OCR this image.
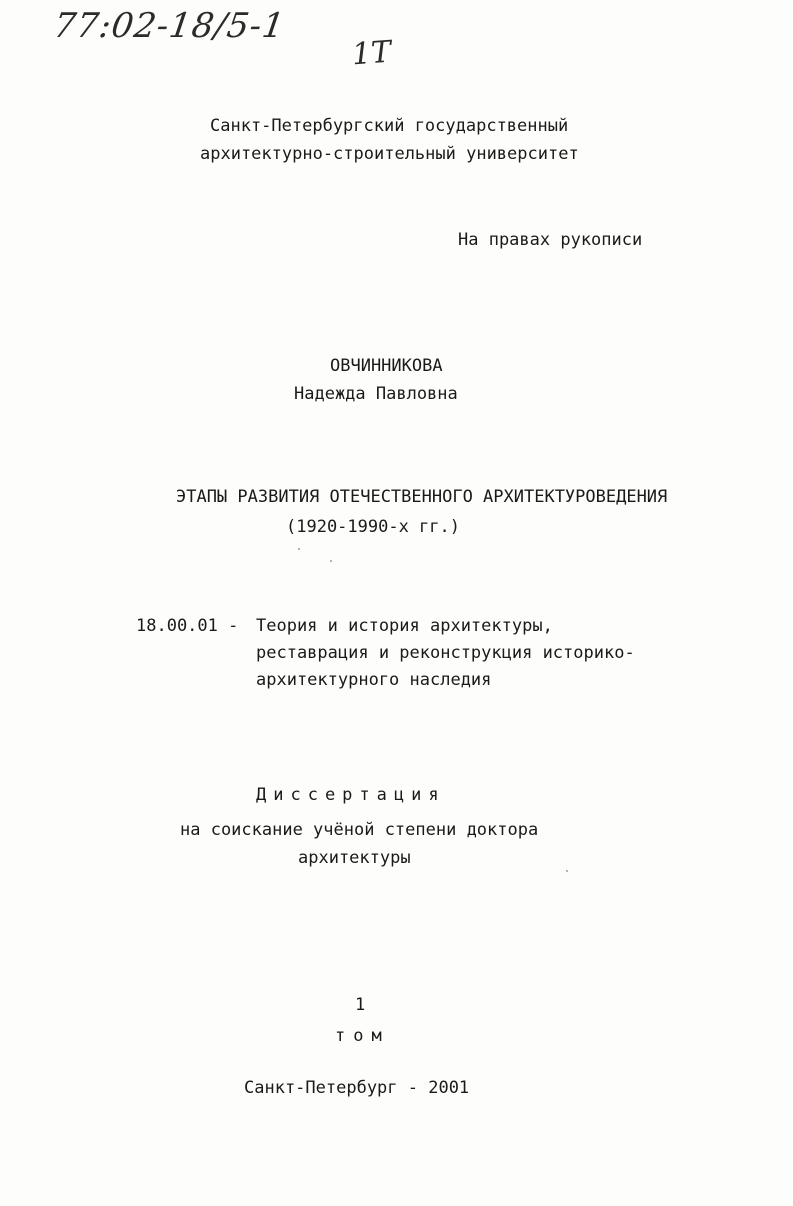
77:02-18/5-1
1T
Санкт-Петербургский государственный
архитектурно-строительный университет
На правах рукописи
ОВЧИННИКОВА
Надежда Павловна
ЭТАПЫ РАЗВИТИЯ ОТЕЧЕСТВЕННОГО АРХИТЕКТУРОВЕДЕНИЯ
(1920-1990-х гг.)
18.00.01 - Теория и история архитектуры,
реставрация и реконструкция историко-
архитектурного наследия
Диссертация
на соискание учёной степени доктора
архитектуры
1
том
Санкт-Петербург - 2001
